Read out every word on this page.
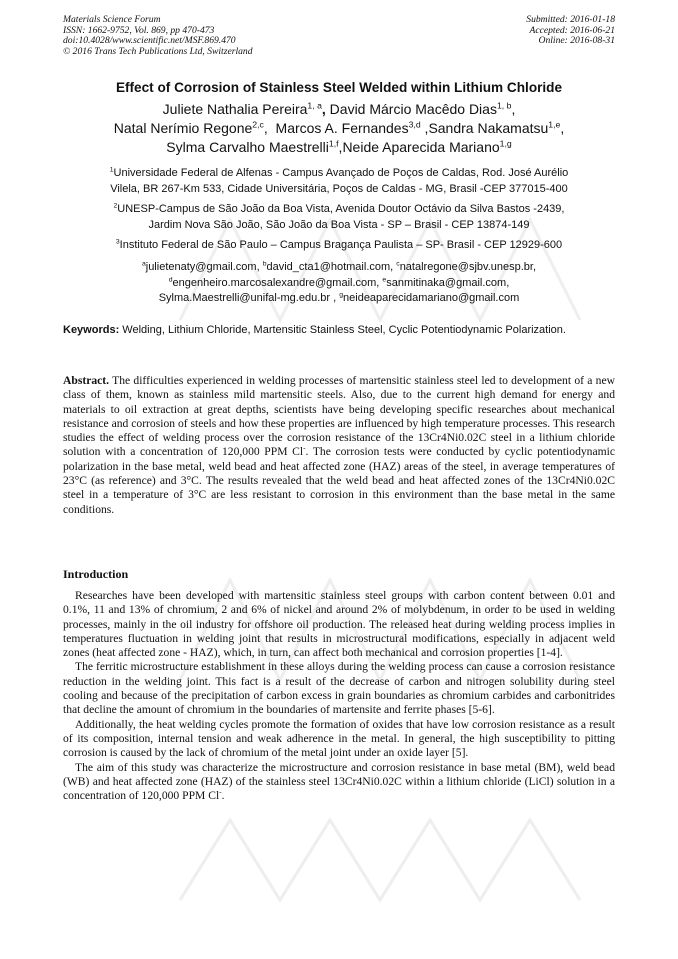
Materials Science Forum
ISSN: 1662-9752, Vol. 869, pp 470-473
doi:10.4028/www.scientific.net/MSF.869.470
© 2016 Trans Tech Publications Ltd, Switzerland
Submitted: 2016-01-18
Accepted: 2016-06-21
Online: 2016-08-31
Effect of Corrosion of Stainless Steel Welded within Lithium Chloride
Juliete Nathalia Pereira$^{1, a}$, David Márcio Macêdo Dias$^{1, b}$,
Natal Nerímio Regone$^{2,c}$,  Marcos A. Fernandes$^{3,d}$ ,Sandra Nakamatsu$^{1,e}$,
Sylma Carvalho Maestrelli$^{1,f}$,Neide Aparecida Mariano$^{1,g}$
$^1$Universidade Federal de Alfenas - Campus Avançado de Poços de Caldas, Rod. José Aurélio
Vilela, BR 267-Km 533, Cidade Universitária, Poços de Caldas - MG, Brasil -CEP 377015-400
$^2$UNESP-Campus de São João da Boa Vista, Avenida Doutor Octávio da Silva Bastos -2439,
Jardim Nova São João, São João da Boa Vista - SP – Brasil - CEP 13874-149
$^3$Instituto Federal de São Paulo – Campus Bragança Paulista – SP- Brasil - CEP 12929-600
$^a$julietenaty@gmail.com, $^b$david_cta1@hotmail.com, $^c$natalregone@sjbv.unesp.br,
$^d$engenheiro.marcosalexandre@gmail.com, $^e$sanmitinaka@gmail.com,
Sylma.Maestrelli@unifal-mg.edu.br , $^g$neideaparecidamariano@gmail.com
Keywords: Welding, Lithium Chloride, Martensitic Stainless Steel, Cyclic Potentiodynamic Polarization.
Abstract. The difficulties experienced in welding processes of martensitic stainless steel led to development of a new class of them, known as stainless mild martensitic steels. Also, due to the current high demand for energy and materials to oil extraction at great depths, scientists have being developing specific researches about mechanical resistance and corrosion of steels and how these properties are influenced by high temperature processes. This research studies the effect of welding process over the corrosion resistance of the 13Cr4Ni0.02C steel in a lithium chloride solution with a concentration of 120,000 PPM Cl-. The corrosion tests were conducted by cyclic potentiodynamic polarization in the base metal, weld bead and heat affected zone (HAZ) areas of the steel, in average temperatures of 23°C (as reference) and 3°C. The results revealed that the weld bead and heat affected zones of the 13Cr4Ni0.02C steel in a temperature of 3°C are less resistant to corrosion in this environment than the base metal in the same conditions.
Introduction

Researches have been developed with martensitic stainless steel groups with carbon content between 0.01 and 0.1%, 11 and 13% of chromium, 2 and 6% of nickel and around 2% of molybdenum, in order to be used in welding processes, mainly in the oil industry for offshore oil production. The released heat during welding process implies in temperatures fluctuation in welding joint that results in microstructural modifications, especially in adjacent weld zones (heat affected zone - HAZ), which, in turn, can affect both mechanical and corrosion properties [1-4].

The ferritic microstructure establishment in these alloys during the welding process can cause a corrosion resistance reduction in the welding joint. This fact is a result of the decrease of carbon and nitrogen solubility during steel cooling and because of the precipitation of carbon excess in grain boundaries as chromium carbides and carbonitrides that decline the amount of chromium in the boundaries of martensite and ferrite phases [5-6].

Additionally, the heat welding cycles promote the formation of oxides that have low corrosion resistance as a result of its composition, internal tension and weak adherence in the metal. In general, the high susceptibility to pitting corrosion is caused by the lack of chromium of the metal joint under an oxide layer [5].

The aim of this study was characterize the microstructure and corrosion resistance in base metal (BM), weld bead (WB) and heat affected zone (HAZ) of the stainless steel 13Cr4Ni0.02C within a lithium chloride (LiCl) solution in a concentration of 120,000 PPM Cl-.
